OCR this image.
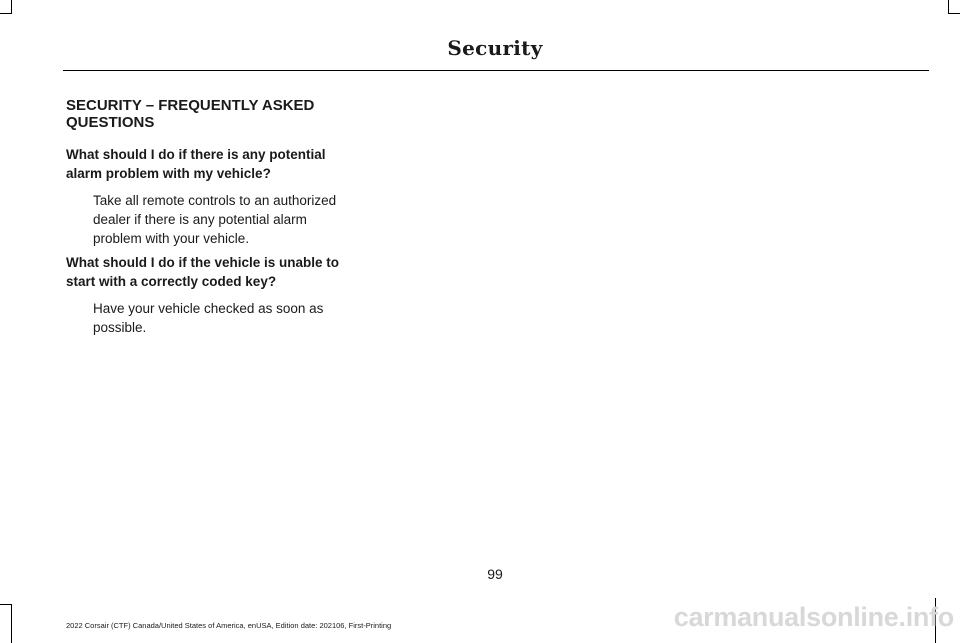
Security
SECURITY – FREQUENTLY ASKED QUESTIONS

What should I do if there is any potential alarm problem with my vehicle?

Take all remote controls to an authorized dealer if there is any potential alarm problem with your vehicle.

What should I do if the vehicle is unable to start with a correctly coded key?

Have your vehicle checked as soon as possible.

99
2022 Corsair (CTF) Canada/United States of America, enUSA, Edition date: 202106, First-Printing	carmanualsonline.info
